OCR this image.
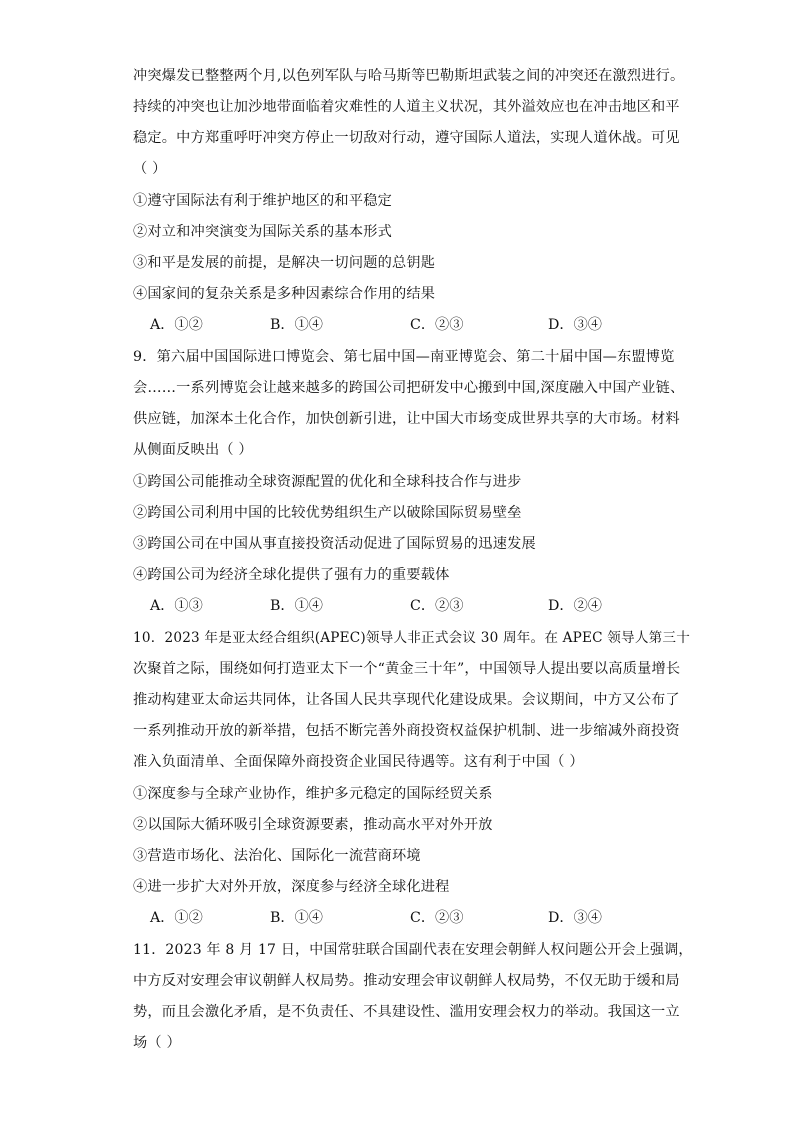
冲突爆发已整整两个月,以色列军队与哈马斯等巴勒斯坦武装之间的冲突还在激烈进行。
持续的冲突也让加沙地带面临着灾难性的人道主义状况，其外溢效应也在冲击地区和平
稳定。中方郑重呼吁冲突方停止一切敌对行动，遵守国际人道法，实现人道休战。可见
（ ）
①遵守国际法有利于维护地区的和平稳定
②对立和冲突演变为国际关系的基本形式
③和平是发展的前提，是解决一切问题的总钥匙
④国家间的复杂关系是多种因素综合作用的结果
A．①②	B．①④	C．②③	D．③④
9．第六届中国国际进口博览会、第七届中国—南亚博览会、第二十届中国—东盟博览
会……一系列博览会让越来越多的跨国公司把研发中心搬到中国,深度融入中国产业链、
供应链，加深本土化合作，加快创新引进，让中国大市场变成世界共享的大市场。材料
从侧面反映出（ ）
①跨国公司能推动全球资源配置的优化和全球科技合作与进步
②跨国公司利用中国的比较优势组织生产以破除国际贸易壁垒
③跨国公司在中国从事直接投资活动促进了国际贸易的迅速发展
④跨国公司为经济全球化提供了强有力的重要载体
A．①③	B．①④	C．②③	D．②④
10．2023 年是亚太经合组织(APEC)领导人非正式会议 30 周年。在 APEC 领导人第三十
次聚首之际，围绕如何打造亚太下一个“黄金三十年”，中国领导人提出要以高质量增长
推动构建亚太命运共同体，让各国人民共享现代化建设成果。会议期间，中方又公布了
一系列推动开放的新举措，包括不断完善外商投资权益保护机制、进一步缩减外商投资
准入负面清单、全面保障外商投资企业国民待遇等。这有利于中国（ ）
①深度参与全球产业协作，维护多元稳定的国际经贸关系
②以国际大循环吸引全球资源要素，推动高水平对外开放
③营造市场化、法治化、国际化一流营商环境
④进一步扩大对外开放，深度参与经济全球化进程
A．①②	B．①④	C．②③	D．③④
11．2023 年 8 月 17 日，中国常驻联合国副代表在安理会朝鲜人权问题公开会上强调，
中方反对安理会审议朝鲜人权局势。推动安理会审议朝鲜人权局势，不仅无助于缓和局
势，而且会激化矛盾，是不负责任、不具建设性、滥用安理会权力的举动。我国这一立
场（ ）
